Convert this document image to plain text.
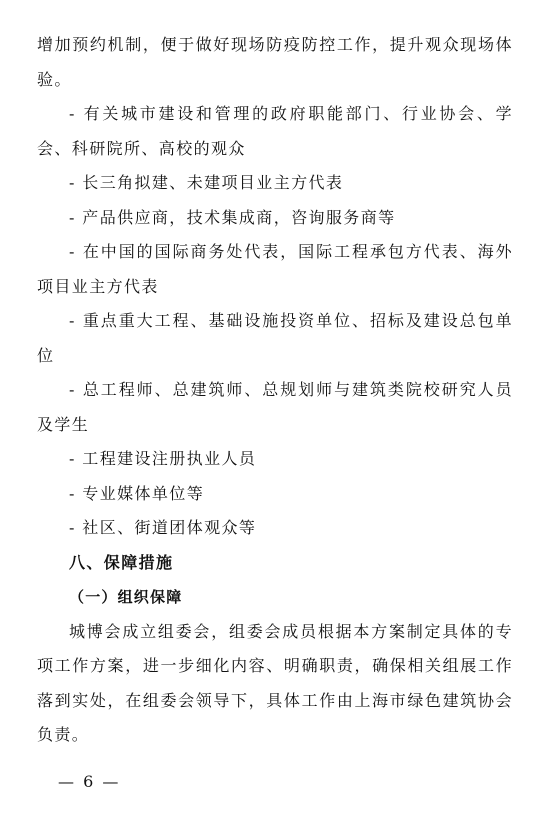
增加预约机制，便于做好现场防疫防控工作，提升观众现场体验。

- 有关城市建设和管理的政府职能部门、行业协会、学会、科研院所、高校的观众

- 长三角拟建、未建项目业主方代表

- 产品供应商，技术集成商，咨询服务商等

- 在中国的国际商务处代表，国际工程承包方代表、海外项目业主方代表

- 重点重大工程、基础设施投资单位、招标及建设总包单位

- 总工程师、总建筑师、总规划师与建筑类院校研究人员及学生

- 工程建设注册执业人员

- 专业媒体单位等

- 社区、街道团体观众等

八、保障措施

（一）组织保障

城博会成立组委会，组委会成员根据本方案制定具体的专项工作方案，进一步细化内容、明确职责，确保相关组展工作落到实处，在组委会领导下，具体工作由上海市绿色建筑协会负责。

— 6 —
